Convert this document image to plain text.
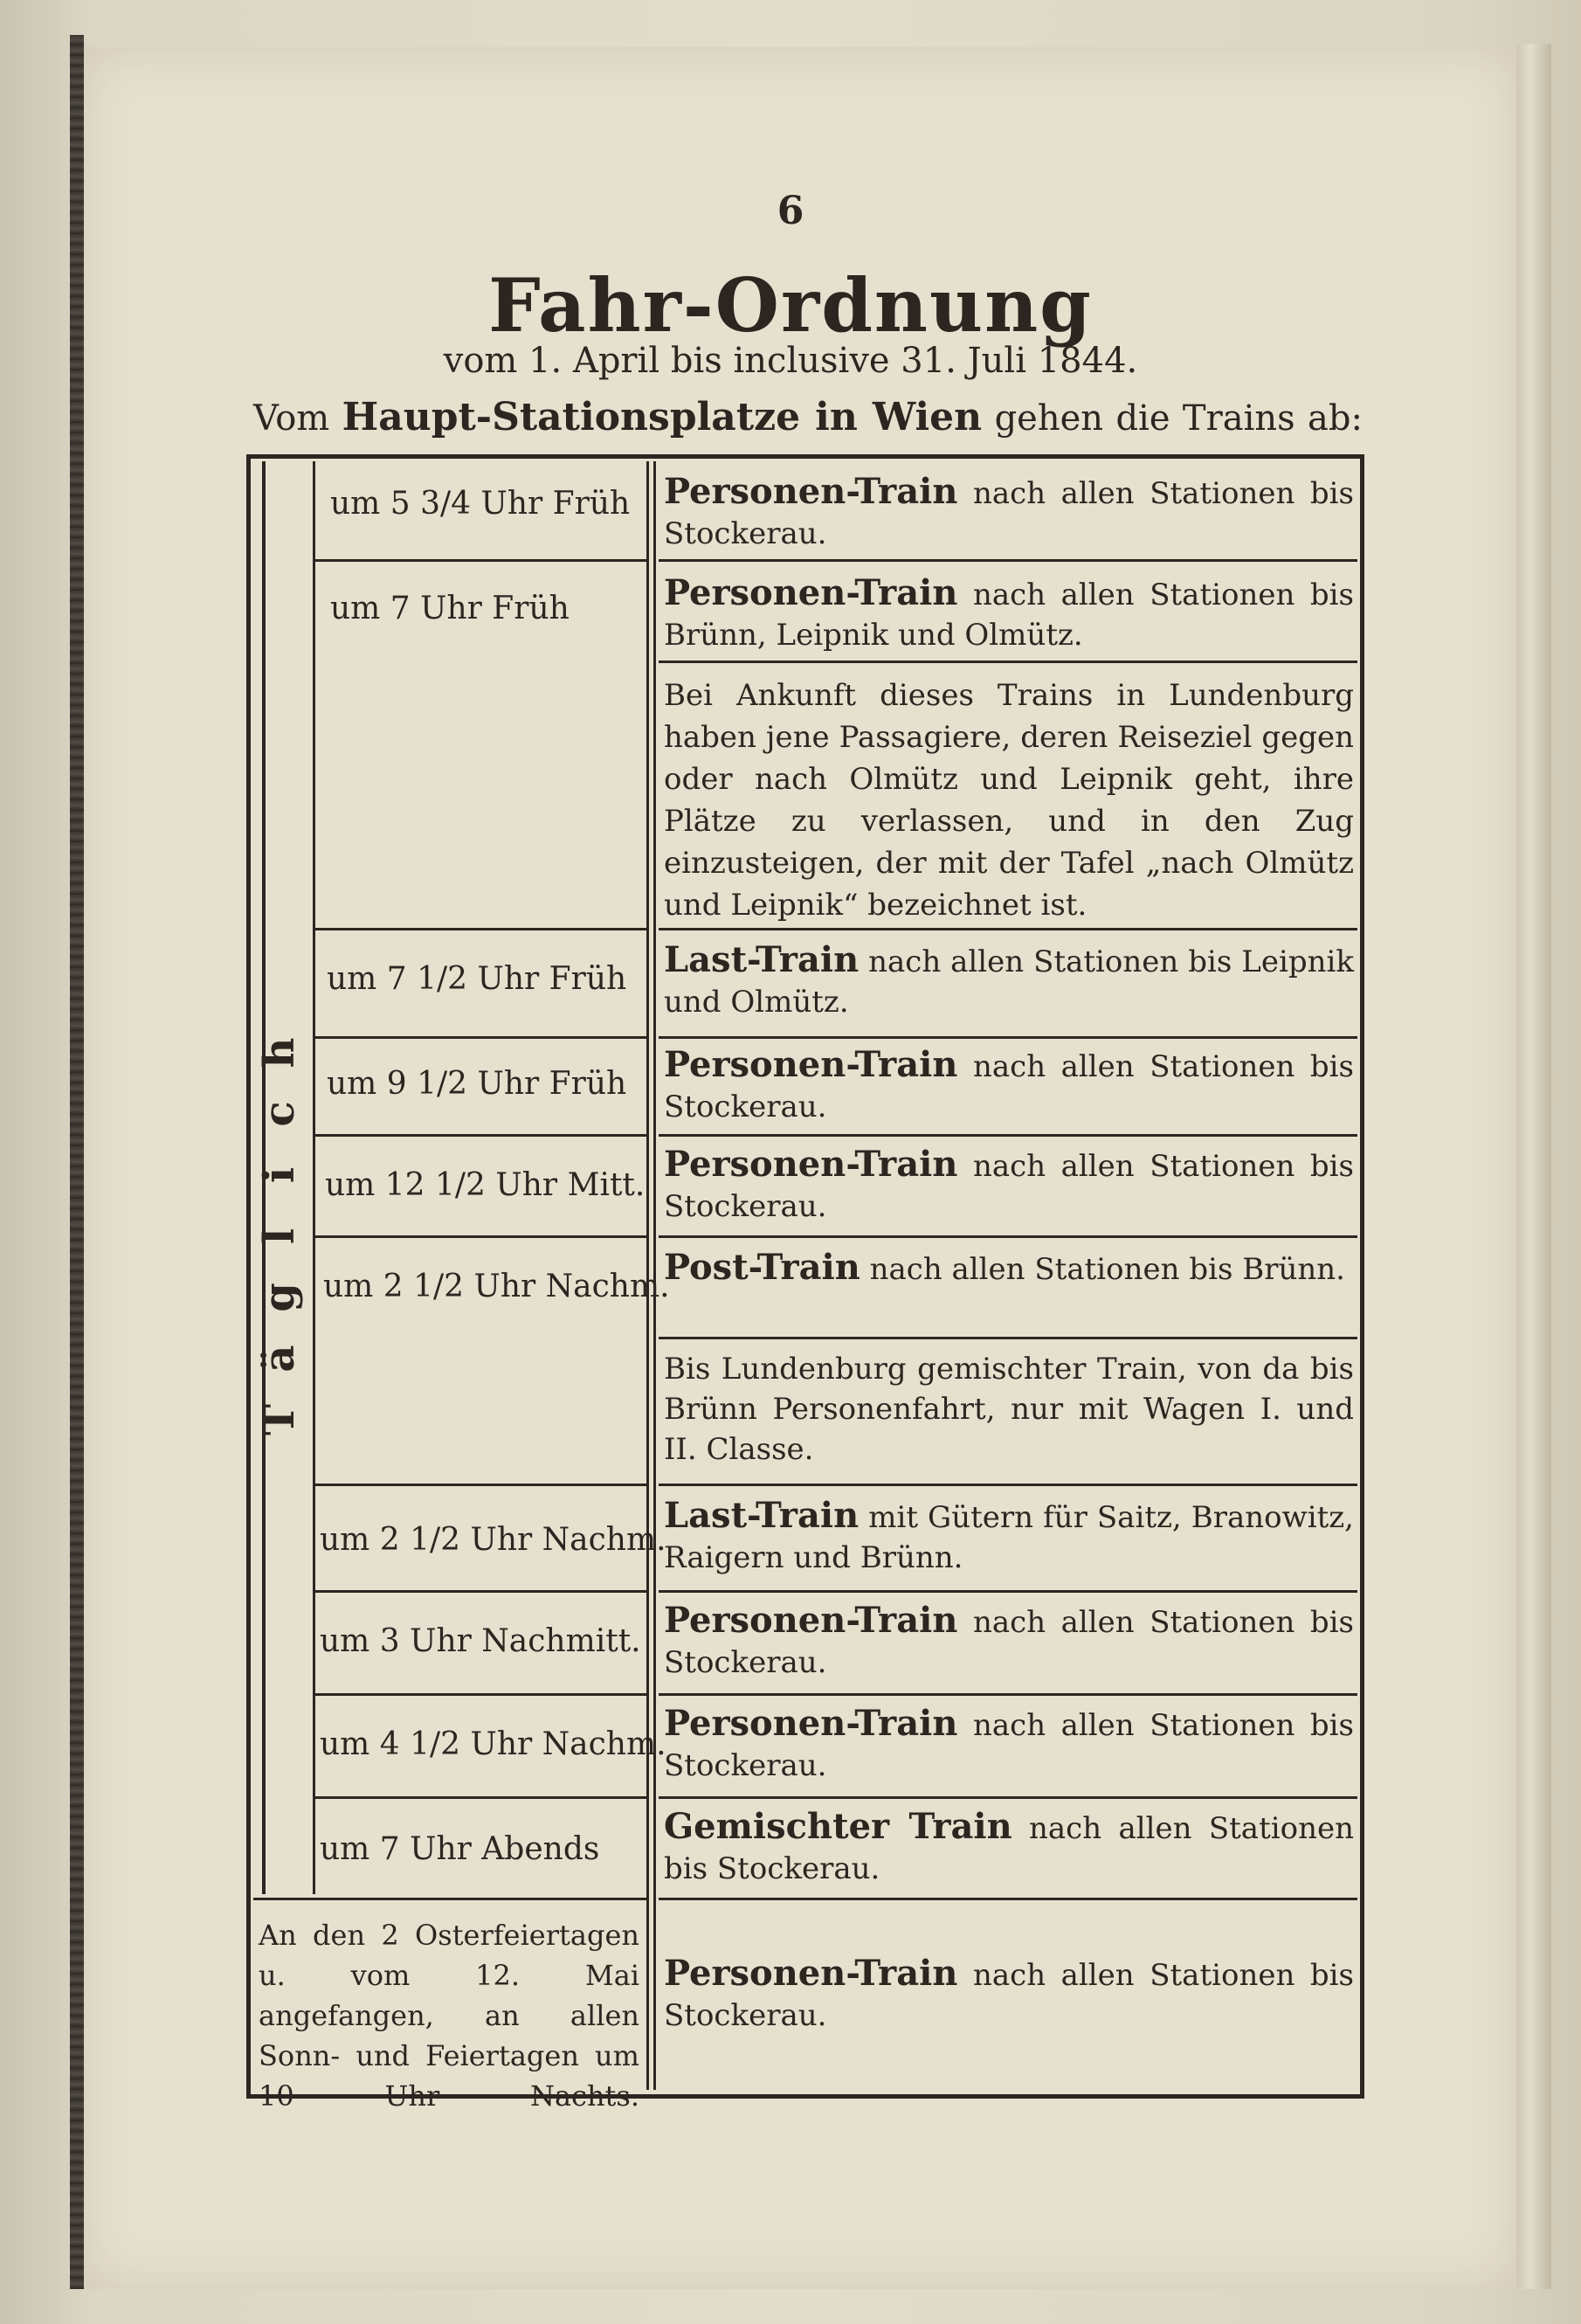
6
Fahr-Ordnung
vom 1. April bis inclusive 31. Juli 1844.
Vom Haupt-Stationsplatze in Wien gehen die Trains ab:
T
ä
g
l
i
c
h
um 5 3/4 Uhr Früh
um 7 Uhr Früh
um 7 1/2 Uhr Früh
um 9 1/2 Uhr Früh
um 12 1/2 Uhr Mitt.
um 2 1/2 Uhr Nachm.
um 2 1/2 Uhr Nachm.
um 3 Uhr Nachmitt.
um 4 1/2 Uhr Nachm.
um 7 Uhr Abends
Personen-Train nach allen Stationen bis Stockerau.
Personen-Train nach allen Stationen bis Brünn, Leipnik und Olmütz.
Bei Ankunft dieses Trains in Lundenburg haben jene Passagiere, deren Reiseziel gegen oder nach Olmütz und Leipnik geht, ihre Plätze zu verlassen, und in den Zug einzusteigen, der mit der Tafel „nach Olmütz und Leipnik“ bezeichnet ist.
Last-Train nach allen Stationen bis Leipnik und Olmütz.
Personen-Train nach allen Stationen bis Stockerau.
Personen-Train nach allen Stationen bis Stockerau.
Post-Train nach allen Stationen bis Brünn.
Bis Lundenburg gemischter Train, von da bis Brünn Personenfahrt, nur mit Wagen I. und II. Classe.
Last-Train mit Gütern für Saitz, Branowitz, Raigern und Brünn.
Personen-Train nach allen Stationen bis Stockerau.
Personen-Train nach allen Stationen bis Stockerau.
Gemischter Train nach allen Stationen bis Stockerau.
An den 2 Osterfeiertagen u. vom 12. Mai angefangen, an allen Sonn- und Feiertagen um 10 Uhr Nachts.
Personen-Train nach allen Stationen bis Stockerau.
